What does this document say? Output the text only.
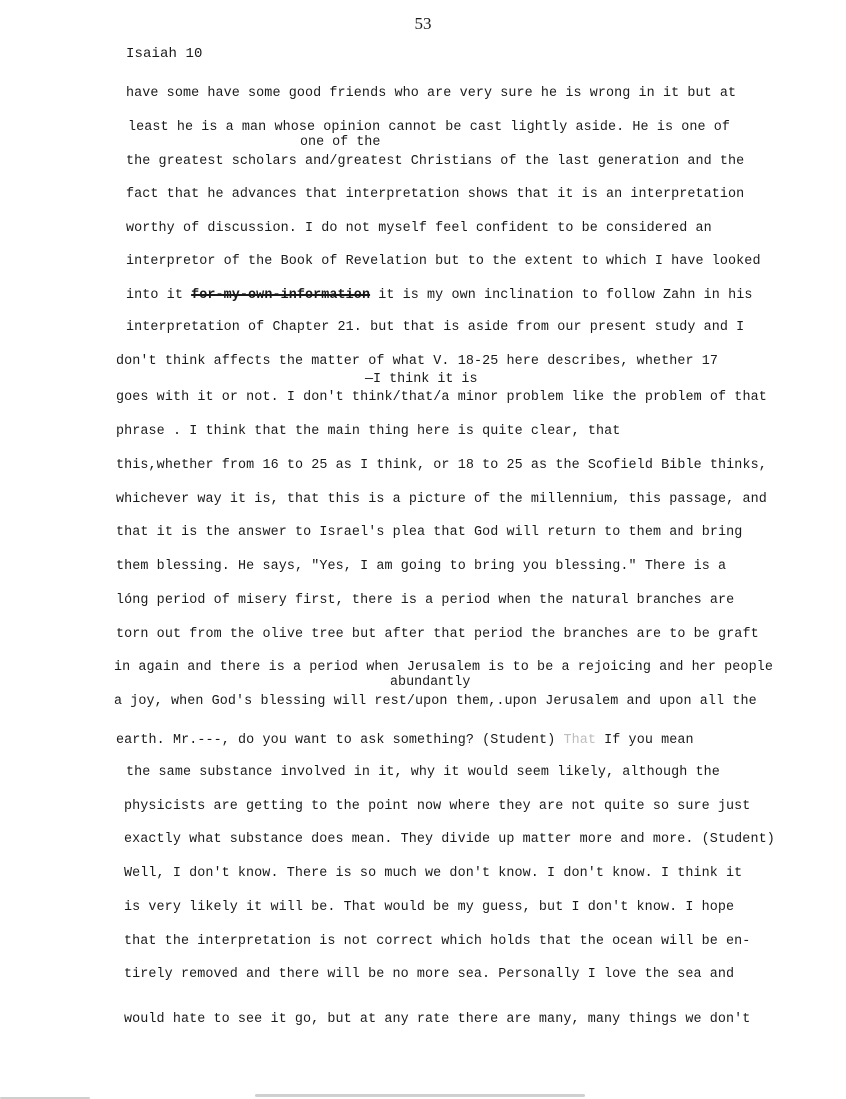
53
Isaiah 10
one of the
—I think it is
abundantly
have some have some good friends who are very sure he is wrong in it but at
least he is a man whose opinion cannot be cast lightly aside. He is one of
the greatest scholars and/greatest Christians of the last generation and the
fact that he advances that interpretation shows that it is an interpretation
worthy of discussion. I do not myself feel confident to be considered an
interpretor of the Book of Revelation but to the extent to which I have looked
into it for-my-own-information it is my own inclination to follow Zahn in his
interpretation of Chapter 21. but that is aside from our present study and I
don't think affects the matter of what V. 18-25 here describes, whether 17
goes with it or not. I don't think/that/a minor problem like the problem of that
phrase . I think that the main thing here is quite clear, that
this,whether from 16 to 25 as I think, or 18 to 25 as the Scofield Bible thinks,
whichever way it is, that this is a picture of the millennium, this passage, and
that it is the answer to Israel's plea that God will return to them and bring
them blessing. He says, "Yes, I am going to bring you blessing." There is a
lóng period of misery first, there is a period when the natural branches are
torn out from the olive tree but after that period the branches are to be graft
in again and there is a period when Jerusalem is to be a rejoicing and her people
a joy, when God's blessing will rest/upon them,.upon Jerusalem and upon all the
earth. Mr.---, do you want to ask something? (Student) That If you mean
the same substance involved in it, why it would seem likely, although the
physicists are getting to the point now where they are not quite so sure just
exactly what substance does mean. They divide up matter more and more. (Student)
Well, I don't know. There is so much we don't know. I don't know. I think it
is very likely it will be. That would be my guess, but I don't know. I hope
that the interpretation is not correct which holds that the ocean will be en-
tirely removed and there will be no more sea. Personally I love the sea and
would hate to see it go, but at any rate there are many, many things we don't
